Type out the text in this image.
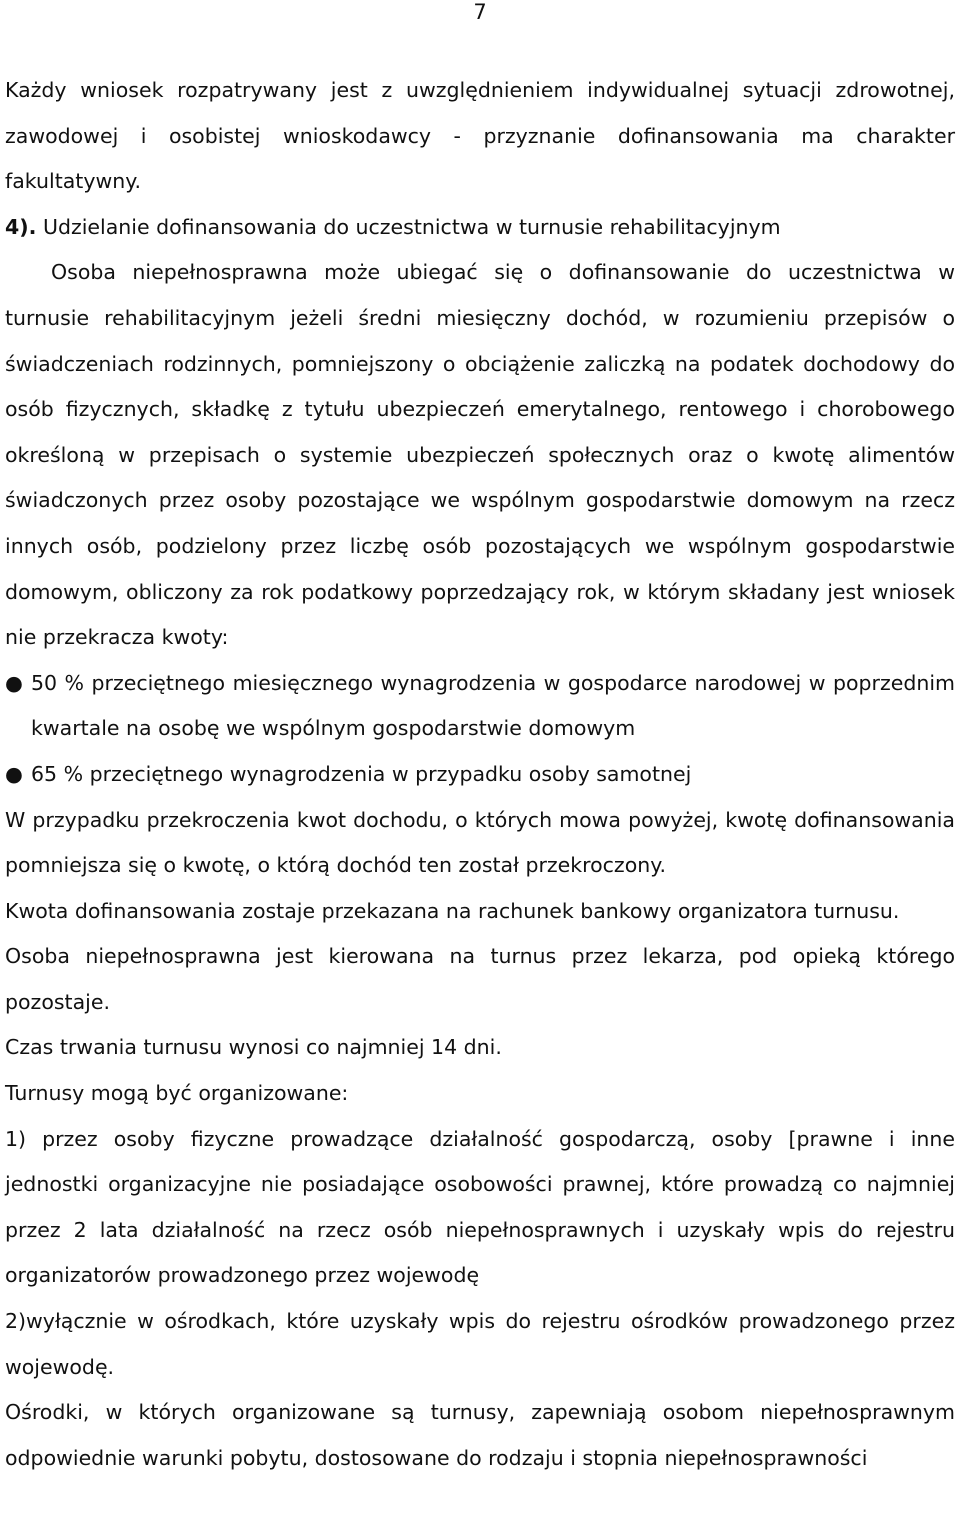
7

Każdy wniosek rozpatrywany jest z uwzględnieniem indywidualnej sytuacji zdrowotnej, zawodowej i osobistej wnioskodawcy - przyznanie dofinansowania ma charakter fakultatywny.

4). Udzielanie dofinansowania do uczestnictwa w turnusie rehabilitacyjnym

Osoba niepełnosprawna może ubiegać się o dofinansowanie do uczestnictwa w turnusie rehabilitacyjnym jeżeli średni miesięczny dochód, w rozumieniu przepisów o świadczeniach rodzinnych, pomniejszony o obciążenie zaliczką na podatek dochodowy do osób fizycznych, składkę z tytułu ubezpieczeń emerytalnego, rentowego i chorobowego określoną w przepisach o systemie ubezpieczeń społecznych oraz o kwotę alimentów świadczonych przez osoby pozostające we wspólnym gospodarstwie domowym na rzecz innych osób, podzielony przez liczbę osób pozostających we wspólnym gospodarstwie domowym, obliczony za rok podatkowy poprzedzający rok, w którym składany jest wniosek nie przekracza kwoty:

● 50 % przeciętnego miesięcznego wynagrodzenia w gospodarce narodowej w poprzednim kwartale na osobę we wspólnym gospodarstwie domowym
● 65 % przeciętnego wynagrodzenia w przypadku osoby samotnej

W przypadku przekroczenia kwot dochodu, o których mowa powyżej, kwotę dofinansowania pomniejsza się o kwotę, o którą dochód ten został przekroczony.

Kwota dofinansowania zostaje przekazana na rachunek bankowy organizatora turnusu.

Osoba niepełnosprawna jest kierowana na turnus przez lekarza, pod opieką którego pozostaje.

Czas trwania turnusu wynosi co najmniej 14 dni.

Turnusy mogą być organizowane:

1) przez osoby fizyczne prowadzące działalność gospodarczą, osoby [prawne i inne jednostki organizacyjne nie posiadające osobowości prawnej, które prowadzą co najmniej przez 2 lata działalność na rzecz osób niepełnosprawnych i uzyskały wpis do rejestru organizatorów prowadzonego przez wojewodę

2)wyłącznie w ośrodkach, które uzyskały wpis do rejestru ośrodków prowadzonego przez wojewodę.

Ośrodki, w których organizowane są turnusy, zapewniają osobom niepełnosprawnym odpowiednie warunki pobytu, dostosowane do rodzaju i stopnia niepełnosprawności
